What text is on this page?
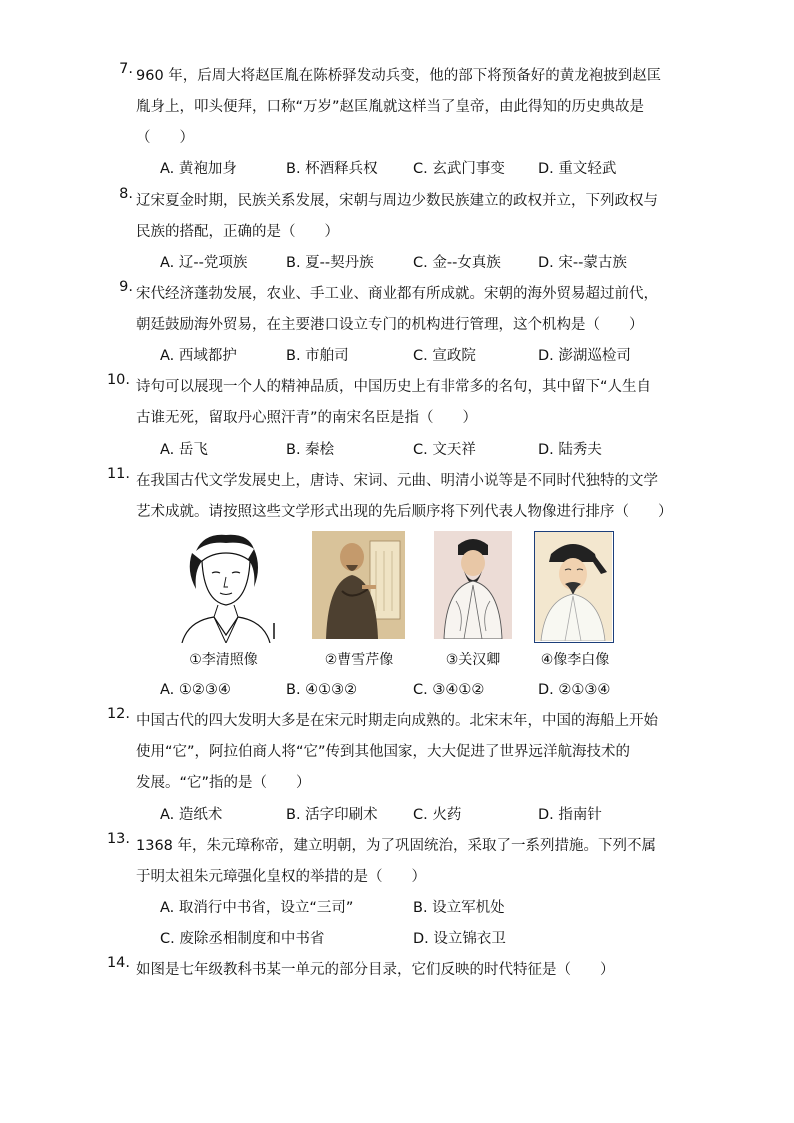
7. 960 年，后周大将赵匡胤在陈桥驿发动兵变，他的部下将预备好的黄龙袍披到赵匡
胤身上，叩头便拜，口称“万岁”赵匡胤就这样当了皇帝，由此得知的历史典故是
（　　）
A. 黄袍加身	B. 杯酒释兵权 C. 玄武门事变 D. 重文轻武
8. 辽宋夏金时期，民族关系发展，宋朝与周边少数民族建立的政权并立，下列政权与
民族的搭配，正确的是（　　）
A. 辽--党项族	B. 夏--契丹族	C. 金--女真族	D. 宋--蒙古族
9. 宋代经济蓬勃发展，农业、手工业、商业都有所成就。宋朝的海外贸易超过前代，
朝廷鼓励海外贸易，在主要港口设立专门的机构进行管理，这个机构是（　　）
A. 西域都护	B. 市舶司	C. 宣政院	D. 澎湖巡检司
10. 诗句可以展现一个人的精神品质，中国历史上有非常多的名句，其中留下“人生自
古谁无死，留取丹心照汗青”的南宋名臣是指（　　）
A. 岳飞	B. 秦桧	C. 文天祥	D. 陆秀夫
11. 在我国古代文学发展史上，唐诗、宋词、元曲、明清小说等是不同时代独特的文学
艺术成就。请按照这些文学形式出现的先后顺序将下列代表人物像进行排序（　　）
①李清照像	②曹雪芹像	③关汉卿	④像李白像
A. ①②③④	B. ④①③②	C. ③④①②	D. ②①③④
12. 中国古代的四大发明大多是在宋元时期走向成熟的。北宋末年，中国的海船上开始
使用“它”，阿拉伯商人将“它”传到其他国家，大大促进了世界远洋航海技术的
发展。“它”指的是（　　）
A. 造纸术	B. 活字印刷术 C. 火药	D. 指南针
13. 1368 年，朱元璋称帝，建立明朝，为了巩固统治，采取了一系列措施。下列不属
于明太祖朱元璋强化皇权的举措的是（　　）
A. 取消行中书省，设立“三司”	B. 设立军机处
C. 废除丞相制度和中书省	D. 设立锦衣卫
14. 如图是七年级教科书某一单元的部分目录，它们反映的时代特征是（　　）
